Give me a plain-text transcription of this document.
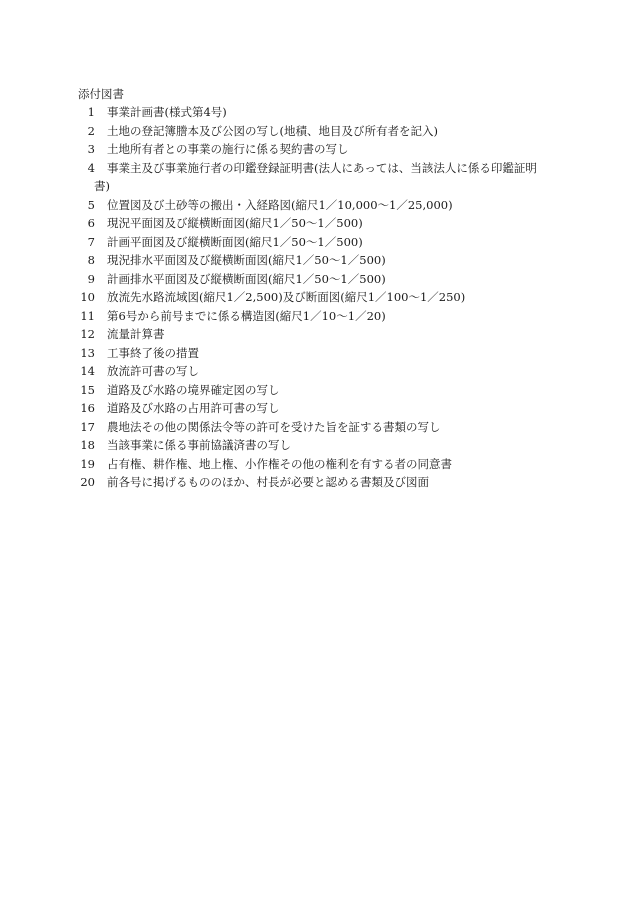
添付図書
1 事業計画書(様式第4号)
2 土地の登記簿謄本及び公図の写し(地積、地目及び所有者を記入)
3 土地所有者との事業の施行に係る契約書の写し
4 事業主及び事業施行者の印鑑登録証明書(法人にあっては、当該法人に係る印鑑証明
書)
5 位置図及び土砂等の搬出・入経路図(縮尺1／10,000～1／25,000)
6 現況平面図及び縦横断面図(縮尺1／50～1／500)
7 計画平面図及び縦横断面図(縮尺1／50～1／500)
8 現況排水平面図及び縦横断面図(縮尺1／50～1／500)
9 計画排水平面図及び縦横断面図(縮尺1／50～1／500)
10 放流先水路流域図(縮尺1／2,500)及び断面図(縮尺1／100～1／250)
11 第6号から前号までに係る構造図(縮尺1／10～1／20)
12 流量計算書
13 工事終了後の措置
14 放流許可書の写し
15 道路及び水路の境界確定図の写し
16 道路及び水路の占用許可書の写し
17 農地法その他の関係法令等の許可を受けた旨を証する書類の写し
18 当該事業に係る事前協議済書の写し
19 占有権、耕作権、地上権、小作権その他の権利を有する者の同意書
20 前各号に掲げるもののほか、村長が必要と認める書類及び図面
